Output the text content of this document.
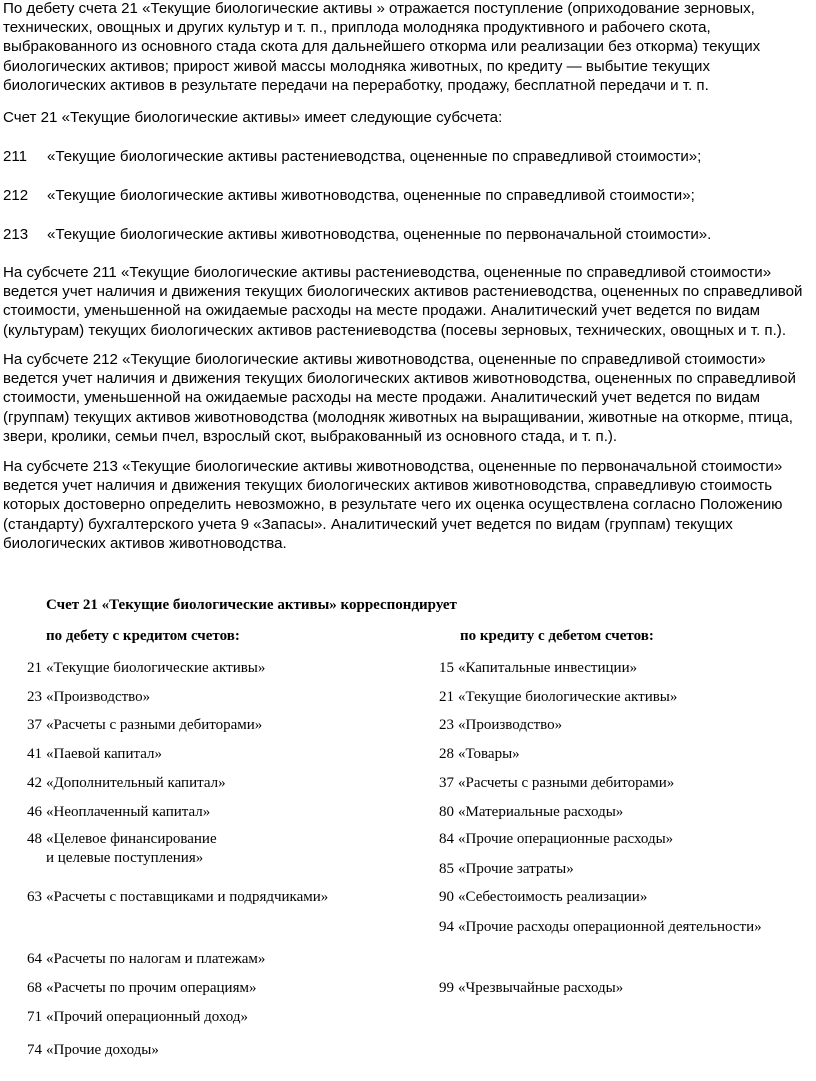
По дебету счета 21 «Текущие биологические активы » отражается поступление (оприходование зерновых, технических, овощных и других культур и т. п., приплода молодняка продуктивного и рабочего скота, выбракованного из основного стада скота для дальнейшего откорма или реализации без откорма) текущих биологических активов; прирост живой массы молодняка животных, по кредиту — выбытие текущих биологических активов в результате передачи на переработку, продажу, бесплатной передачи и т. п.

Счет 21 «Текущие биологические активы» имеет следующие субсчета:

211 «Текущие биологические активы растениеводства, оцененные по справедливой стоимости»;
212 «Текущие биологические активы животноводства, оцененные по справедливой стоимости»;
213 «Текущие биологические активы животноводства, оцененные по первоначальной стоимости».

На субсчете 211 «Текущие биологические активы растениеводства, оцененные по справедливой стоимости» ведется учет наличия и движения текущих биологических активов растениеводства, оцененных по справедливой стоимости, уменьшенной на ожидаемые расходы на месте продажи. Аналитический учет ведется по видам (культурам) текущих биологических активов растениеводства (посевы зерновых, технических, овощных и т. п.).

На субсчете 212 «Текущие биологические активы животноводства, оцененные по справедливой стоимости» ведется учет наличия и движения текущих биологических активов животноводства, оцененных по справедливой стоимости, уменьшенной на ожидаемые расходы на месте продажи. Аналитический учет ведется по видам (группам) текущих активов животноводства (молодняк животных на выращивании, животные на откорме, птица, звери, кролики, семьи пчел, взрослый скот, выбракованный из основного стада, и т. п.).

На субсчете 213 «Текущие биологические активы животноводства, оцененные по первоначальной стоимости» ведется учет наличия и движения текущих биологических активов животноводства, справедливую стоимость которых достоверно определить невозможно, в результате чего их оценка осуществлена согласно Положению (стандарту) бухгалтерского учета 9 «Запасы». Аналитический учет ведется по видам (группам) текущих биологических активов животноводства.

Счет 21 «Текущие биологические активы» корреспондирует
по дебету с кредитом счетов:	по кредиту с дебетом счетов:
21 «Текущие биологические активы»
23 «Производство»
37 «Расчеты с разными дебиторами»
41 «Паевой капитал»
42 «Дополнительный капитал»
46 «Неоплаченный капитал»
48 «Целевое финансирование
и целевые поступления»
63 «Расчеты с поставщиками и подрядчиками»
64 «Расчеты по налогам и платежам»
68 «Расчеты по прочим операциям»
71 «Прочий операционный доход»
74 «Прочие доходы»
15 «Капитальные инвестиции»
21 «Текущие биологические активы»
23 «Производство»
28 «Товары»
37 «Расчеты с разными дебиторами»
80 «Материальные расходы»
84 «Прочие операционные расходы»
85 «Прочие затраты»
90 «Себестоимость реализации»
94 «Прочие расходы операционной деятельности»
99 «Чрезвычайные расходы»
